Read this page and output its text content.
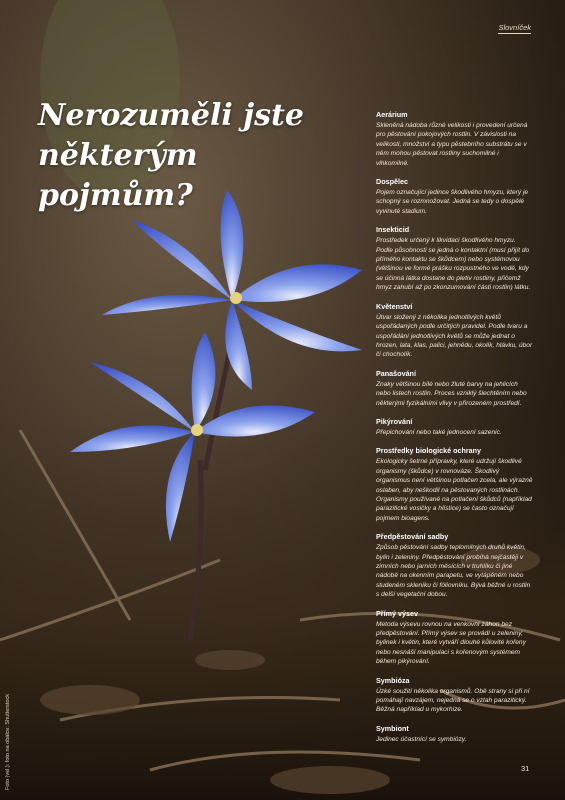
Slovníček
Nerozuměli jste některým pojmům?
Aerárium
Skleněná nádoba různé velikosti i provedení určená pro pěstování pokojových rostlin. V závislosti na velikosti, množství a typu pěstebního substrátu se v něm mohou pěstovat rostliny suchomilné i vlhkomilné.
Dospělec
Pojem označující jedince škodlivého hmyzu, který je schopný se rozmnožovat. Jedná se tedy o dospělé vyvinuté stadium.
Insekticid
Prostředek určený k likvidaci škodlivého hmyzu. Podle působnosti se jedná o kontaktní (musí přijít do přímého kontaktu se škůdcem) nebo systémovou (většinou ve formě prášku rozpustného ve vodě, kdy se účinná látka dostane do pletiv rostliny, přičemž hmyz zahubí až po zkonzumování části rostlin) látku.
Květenství
Útvar složený z několika jednotlivých květů uspořádaných podle určitých pravidel. Podle tvaru a uspořádání jednotlivých květů se může jednat o hrozen, lata, klas, palici, jehnědu, okolík, hlávku, úbor či chocholík.
Panašování
Znaky většinou bílé nebo žluté barvy na jehlicích nebo listech rostlin. Proces vzniklý šlechtěním nebo některými fyzikálními vlivy v přirozeném prostředí.
Pikýrování
Přepichování nebo také jednocení sazenic.
Prostředky biologické ochrany
Ekologicky šetrné přípravky, které udržují škodlivé organismy (škůdce) v rovnováze. Škodlivý organismus není většinou potlačen zcela, ale výrazně oslaben, aby neškodil na pěstovaných rostlinách. Organismy používané na potlačení škůdců (například parazitické vosičky a hlístice) se často označují pojmem bioagens.
Předpěstování sadby
Způsob pěstování sadby teplomilných druhů květin, bylin i zeleniny. Předpěstování probíhá nejčastěji v zimních nebo jarních měsících v truhlíku či jiné nádobě na okenním parapetu, ve vytápěném nebo studeném skleníku či fóliovníku. Bývá běžné u rostlin s delší vegetační dobou.
Přímý výsev
Metoda výsevu rovnou na venkovní záhon bez předpěstování. Přímý výsev se provádí u zeleniny, bylinek i květin, které vytváří dlouhé kůlovité kořeny nebo nesnáší manipulaci s kořenovým systémem během pikýrování.
Symbióza
Úzké soužití několika organismů. Obě strany si při ní pomáhají navzájem, nejedná se o vztah parazitický. Běžná například u mykorhize.
Symbiont
Jedinec účastnící se symbiózy.
Foto (vel.): foto na obálce: Shutterstock	31
